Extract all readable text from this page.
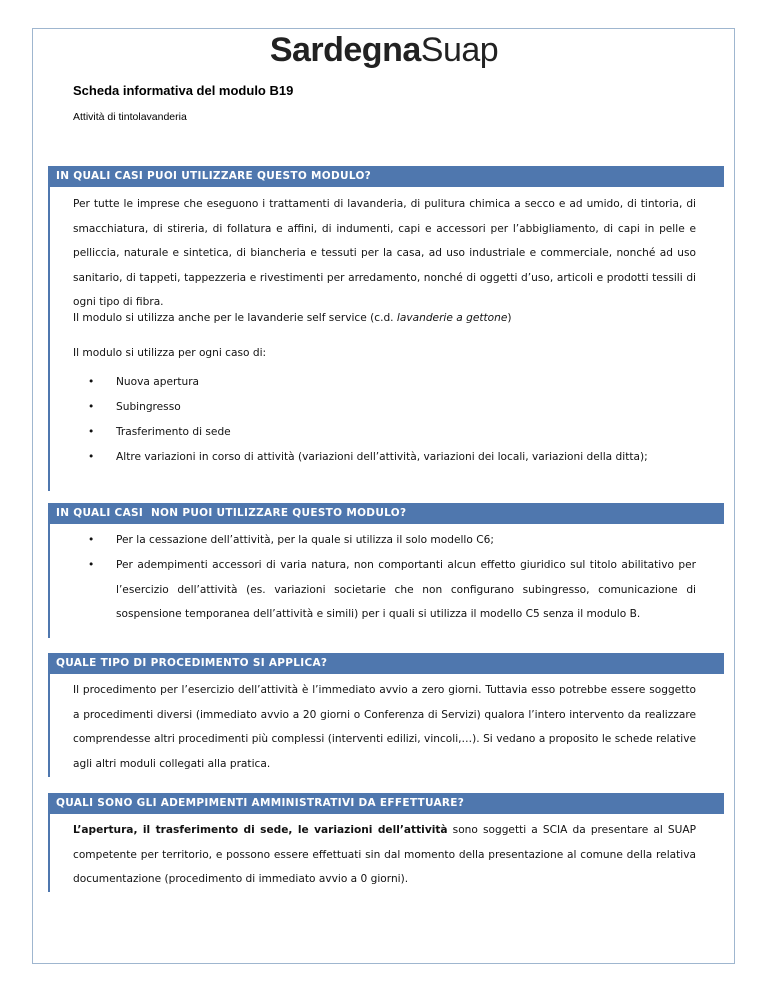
SardegnaSuap
Scheda informativa del modulo B19
Attività di tintolavanderia
IN QUALI CASI PUOI UTILIZZARE QUESTO MODULO?

Per tutte le imprese che eseguono i trattamenti di lavanderia, di pulitura chimica a secco e ad umido, di tintoria, di smacchiatura, di stireria, di follatura e affini, di indumenti, capi e accessori per l’abbigliamento, di capi in pelle e pelliccia, naturale e sintetica, di biancheria e tessuti per la casa, ad uso industriale e commerciale, nonché ad uso sanitario, di tappeti, tappezzeria e rivestimenti per arredamento, nonché di oggetti d’uso, articoli e prodotti tessili di ogni tipo di fibra.

Il modulo si utilizza anche per le lavanderie self service (c.d. lavanderie a gettone)

Il modulo si utilizza per ogni caso di:

• Nuova apertura

• Subingresso

• Trasferimento di sede

• Altre variazioni in corso di attività (variazioni dell’attività, variazioni dei locali, variazioni della ditta);

IN QUALI CASI  NON PUOI UTILIZZARE QUESTO MODULO?
• Per la cessazione dell’attività, per la quale si utilizza il solo modello C6;

• Per adempimenti accessori di varia natura, non comportanti alcun effetto giuridico sul titolo abilitativo per l’esercizio dell’attività (es. variazioni societarie che non configurano subingresso, comunicazione di sospensione temporanea dell’attività e simili) per i quali si utilizza il modello C5 senza il modulo B.

QUALE TIPO DI PROCEDIMENTO SI APPLICA?

Il procedimento per l’esercizio dell’attività è l’immediato avvio a zero giorni. Tuttavia esso potrebbe essere soggetto a procedimenti diversi (immediato avvio a 20 giorni o Conferenza di Servizi) qualora l’intero intervento da realizzare comprendesse altri procedimenti più complessi (interventi edilizi, vincoli,…). Si vedano a proposito le schede relative agli altri moduli collegati alla pratica.

QUALI SONO GLI ADEMPIMENTI AMMINISTRATIVI DA EFFETTUARE?

L’apertura, il trasferimento di sede, le variazioni dell’attività sono soggetti a SCIA da presentare al SUAP competente per territorio, e possono essere effettuati sin dal momento della presentazione al comune della relativa documentazione (procedimento di immediato avvio a 0 giorni).
